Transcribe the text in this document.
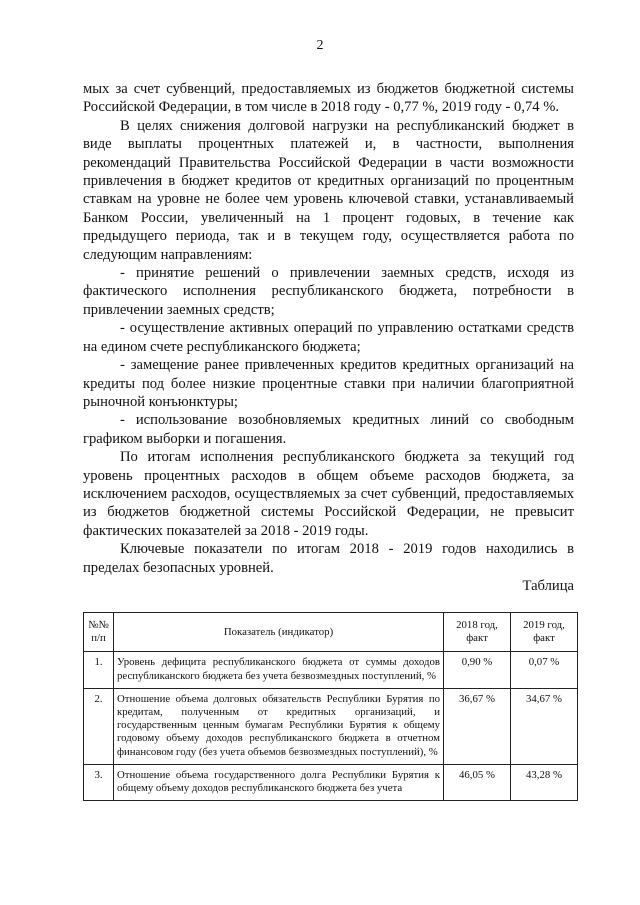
2

мых за счет субвенций, предоставляемых из бюджетов бюджетной системы Российской Федерации, в том числе в 2018 году - 0,77 %, 2019 году - 0,74 %.

В целях снижения долговой нагрузки на республиканский бюджет в виде выплаты процентных платежей и, в частности, выполнения рекомендаций Правительства Российской Федерации в части возможности привлечения в бюджет кредитов от кредитных организаций по процентным ставкам на уровне не более чем уровень ключевой ставки, устанавливаемый Банком России, увеличенный на 1 процент годовых, в течение как предыдущего периода, так и в текущем году, осуществляется работа по следующим направлениям:

- принятие решений о привлечении заемных средств, исходя из фактического исполнения республиканского бюджета, потребности в привлечении заемных средств;

- осуществление активных операций по управлению остатками средств на едином счете республиканского бюджета;

- замещение ранее привлеченных кредитов кредитных организаций на кредиты под более низкие процентные ставки при наличии благоприятной рыночной конъюнктуры;

- использование возобновляемых кредитных линий со свободным графиком выборки и погашения.

По итогам исполнения республиканского бюджета за текущий год уровень процентных расходов в общем объеме расходов бюджета, за исключением расходов, осуществляемых за счет субвенций, предоставляемых из бюджетов бюджетной системы Российской Федерации, не превысит фактических показателей за 2018 - 2019 годы.

Ключевые показатели по итогам 2018 - 2019 годов находились в пределах безопасных уровней.

Таблица
№№ п/п	Показатель (индикатор)	2018 год, факт	2019 год, факт
1.	Уровень дефицита республиканского бюджета от суммы доходов республиканского бюджета без учета безвозмездных поступлений, %	0,90 %	0,07 %
2.	Отношение объема долговых обязательств Республики Бурятия по кредитам, полученным от кредитных организаций, и государственным ценным бумагам Республики Бурятия к общему годовому объему доходов республиканского бюджета в отчетном финансовом году (без учета объемов безвозмездных поступлений), %	36,67 %	34,67 %
3.	Отношение объема государственного долга Республики Бурятия к общему объему доходов республиканского бюджета без учета	46,05 %	43,28 %
